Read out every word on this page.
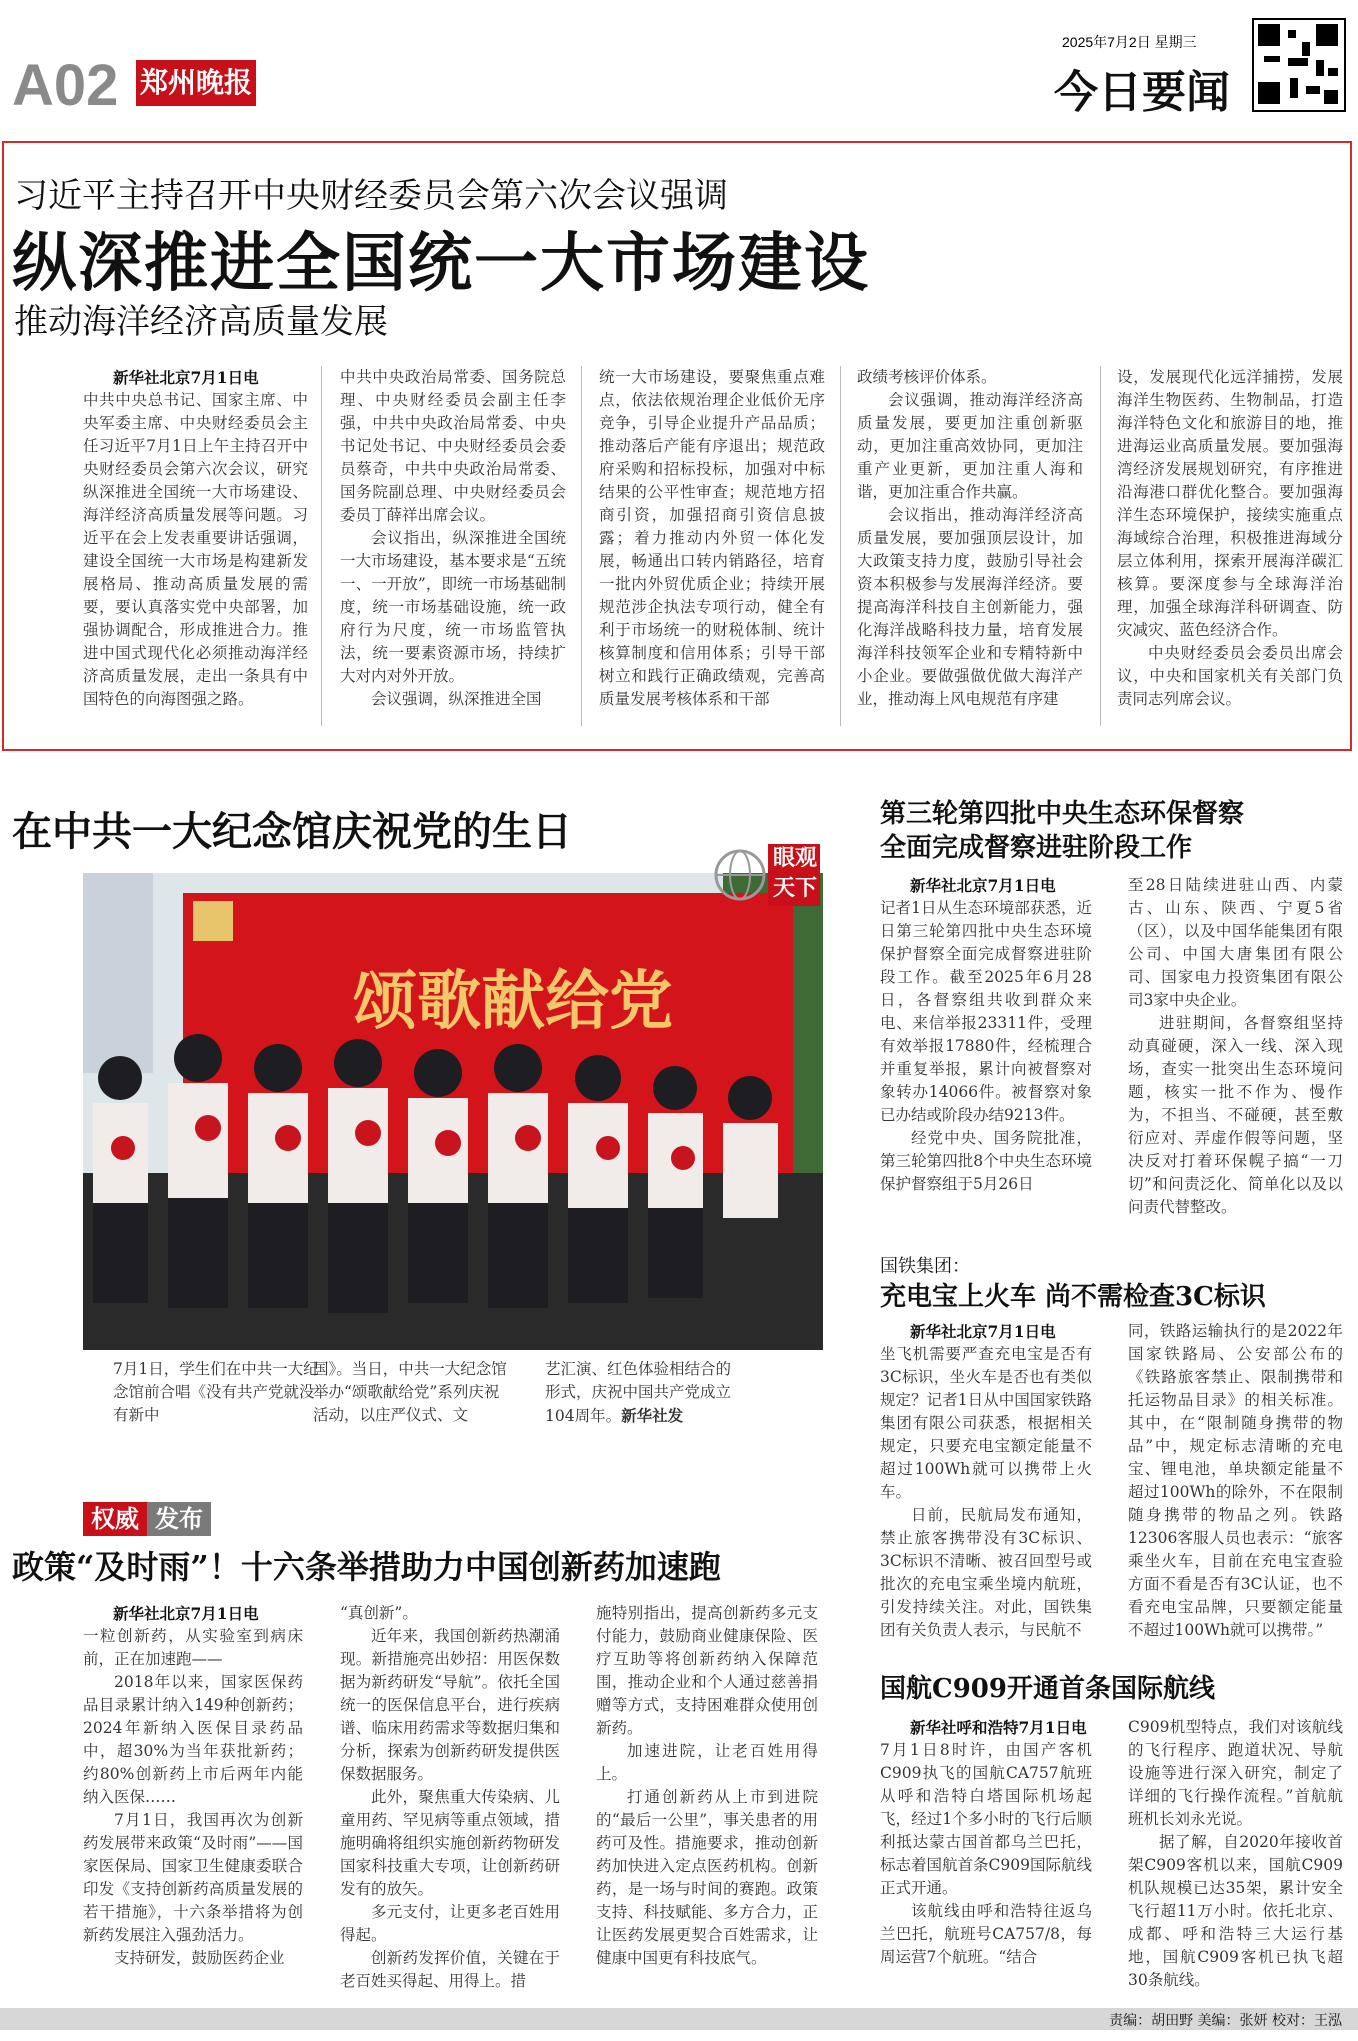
A02 郑州晚报
2025年7月2日 星期三
今日要闻
习近平主持召开中央财经委员会第六次会议强调
纵深推进全国统一大市场建设
推动海洋经济高质量发展
新华社北京7月1日电

中共中央总书记、国家主席、中央军委主席、中央财经委员会主任习近平7月1日上午主持召开中央财经委员会第六次会议，研究纵深推进全国统一大市场建设、海洋经济高质量发展等问题。习近平在会上发表重要讲话强调，建设全国统一大市场是构建新发展格局、推动高质量发展的需要，要认真落实党中央部署，加强协调配合，形成推进合力。推进中国式现代化必须推动海洋经济高质量发展，走出一条具有中国特色的向海图强之路。

中共中央政治局常委、国务院总理、中央财经委员会副主任李强，中共中央政治局常委、中央书记处书记、中央财经委员会委员蔡奇，中共中央政治局常委、国务院副总理、中央财经委员会委员丁薛祥出席会议。

会议指出，纵深推进全国统一大市场建设，基本要求是“五统一、一开放”，即统一市场基础制度，统一市场基础设施，统一政府行为尺度，统一市场监管执法，统一要素资源市场，持续扩大对内对外开放。

会议强调，纵深推进全国

统一大市场建设，要聚焦重点难点，依法依规治理企业低价无序竞争，引导企业提升产品品质；推动落后产能有序退出；规范政府采购和招标投标，加强对中标结果的公平性审查；规范地方招商引资，加强招商引资信息披露；着力推动内外贸一体化发展，畅通出口转内销路径，培育一批内外贸优质企业；持续开展规范涉企执法专项行动，健全有利于市场统一的财税体制、统计核算制度和信用体系；引导干部树立和践行正确政绩观，完善高质量发展考核体系和干部

政绩考核评价体系。

会议强调，推动海洋经济高质量发展，要更加注重创新驱动，更加注重高效协同，更加注重产业更新，更加注重人海和谐，更加注重合作共赢。

会议指出，推动海洋经济高质量发展，要加强顶层设计，加大政策支持力度，鼓励引导社会资本积极参与发展海洋经济。要提高海洋科技自主创新能力，强化海洋战略科技力量，培育发展海洋科技领军企业和专精特新中小企业。要做强做优做大海洋产业，推动海上风电规范有序建

设，发展现代化远洋捕捞，发展海洋生物医药、生物制品，打造海洋特色文化和旅游目的地，推进海运业高质量发展。要加强海湾经济发展规划研究，有序推进沿海港口群优化整合。要加强海洋生态环境保护，接续实施重点海域综合治理，积极推进海域分层立体利用，探索开展海洋碳汇核算。要深度参与全球海洋治理，加强全球海洋科研调查、防灾减灾、蓝色经济合作。

中央财经委员会委员出席会议，中央和国家机关有关部门负责同志列席会议。

在中共一大纪念馆庆祝党的生日
颂歌献给党
眼观天下
7月1日，学生们在中共一大纪念馆前合唱《没有共产党就没有新中
国》。当日，中共一大纪念馆举办“颂歌献给党”系列庆祝活动，以庄严仪式、文
艺汇演、红色体验相结合的形式，庆祝中国共产党成立104周年。新华社发
权威 发布
政策“及时雨”！十六条举措助力中国创新药加速跑
新华社北京7月1日电

一粒创新药，从实验室到病床前，正在加速跑——

2018年以来，国家医保药品目录累计纳入149种创新药；2024年新纳入医保目录药品中，超30%为当年获批新药；约80%创新药上市后两年内能纳入医保……

7月1日，我国再次为创新药发展带来政策“及时雨”——国家医保局、国家卫生健康委联合印发《支持创新药高质量发展的若干措施》，十六条举措将为创新药发展注入强劲活力。

支持研发，鼓励医药企业

“真创新”。

近年来，我国创新药热潮涌现。新措施亮出妙招：用医保数据为新药研发“导航”。依托全国统一的医保信息平台，进行疾病谱、临床用药需求等数据归集和分析，探索为创新药研发提供医保数据服务。

此外，聚焦重大传染病、儿童用药、罕见病等重点领域，措施明确将组织实施创新药物研发国家科技重大专项，让创新药研发有的放矢。

多元支付，让更多老百姓用得起。

创新药发挥价值，关键在于老百姓买得起、用得上。措

施特别指出，提高创新药多元支付能力，鼓励商业健康保险、医疗互助等将创新药纳入保障范围，推动企业和个人通过慈善捐赠等方式，支持困难群众使用创新药。

加速进院，让老百姓用得上。

打通创新药从上市到进院的“最后一公里”，事关患者的用药可及性。措施要求，推动创新药加快进入定点医药机构。创新药，是一场与时间的赛跑。政策支持、科技赋能、多方合力，正让医药发展更契合百姓需求，让健康中国更有科技底气。

第三轮第四批中央生态环保督察
全面完成督察进驻阶段工作
新华社北京7月1日电

记者1日从生态环境部获悉，近日第三轮第四批中央生态环境保护督察全面完成督察进驻阶段工作。截至2025年6月28日，各督察组共收到群众来电、来信举报23311件，受理有效举报17880件，经梳理合并重复举报，累计向被督察对象转办14066件。被督察对象已办结或阶段办结9213件。

经党中央、国务院批准，第三轮第四批8个中央生态环境保护督察组于5月26日

至28日陆续进驻山西、内蒙古、山东、陕西、宁夏5省（区），以及中国华能集团有限公司、中国大唐集团有限公司、国家电力投资集团有限公司3家中央企业。

进驻期间，各督察组坚持动真碰硬，深入一线、深入现场，查实一批突出生态环境问题，核实一批不作为、慢作为，不担当、不碰硬，甚至敷衍应对、弄虚作假等问题，坚决反对打着环保幌子搞“一刀切”和问责泛化、简单化以及以问责代替整改。

国铁集团：
充电宝上火车 尚不需检查3C标识
新华社北京7月1日电

坐飞机需要严查充电宝是否有3C标识，坐火车是否也有类似规定？记者1日从中国国家铁路集团有限公司获悉，根据相关规定，只要充电宝额定能量不超过100Wh就可以携带上火车。

日前，民航局发布通知，禁止旅客携带没有3C标识、3C标识不清晰、被召回型号或批次的充电宝乘坐境内航班，引发持续关注。对此，国铁集团有关负责人表示，与民航不

同，铁路运输执行的是2022年国家铁路局、公安部公布的《铁路旅客禁止、限制携带和托运物品目录》的相关标准。其中，在“限制随身携带的物品”中，规定标志清晰的充电宝、锂电池，单块额定能量不超过100Wh的除外，不在限制随身携带的物品之列。铁路12306客服人员也表示：“旅客乘坐火车，目前在充电宝查验方面不看是否有3C认证，也不看充电宝品牌，只要额定能量不超过100Wh就可以携带。”

国航C909开通首条国际航线
新华社呼和浩特7月1日电

7月1日8时许，由国产客机C909执飞的国航CA757航班从呼和浩特白塔国际机场起飞，经过1个多小时的飞行后顺利抵达蒙古国首都乌兰巴托，标志着国航首条C909国际航线正式开通。

该航线由呼和浩特往返乌兰巴托，航班号CA757/8，每周运营7个航班。“结合

C909机型特点，我们对该航线的飞行程序、跑道状况、导航设施等进行深入研究，制定了详细的飞行操作流程。”首航航班机长刘永光说。

据了解，自2020年接收首架C909客机以来，国航C909机队规模已达35架，累计安全飞行超11万小时。依托北京、成都、呼和浩特三大运行基地，国航C909客机已执飞超30条航线。

责编：胡田野 美编：张妍 校对：王泓
